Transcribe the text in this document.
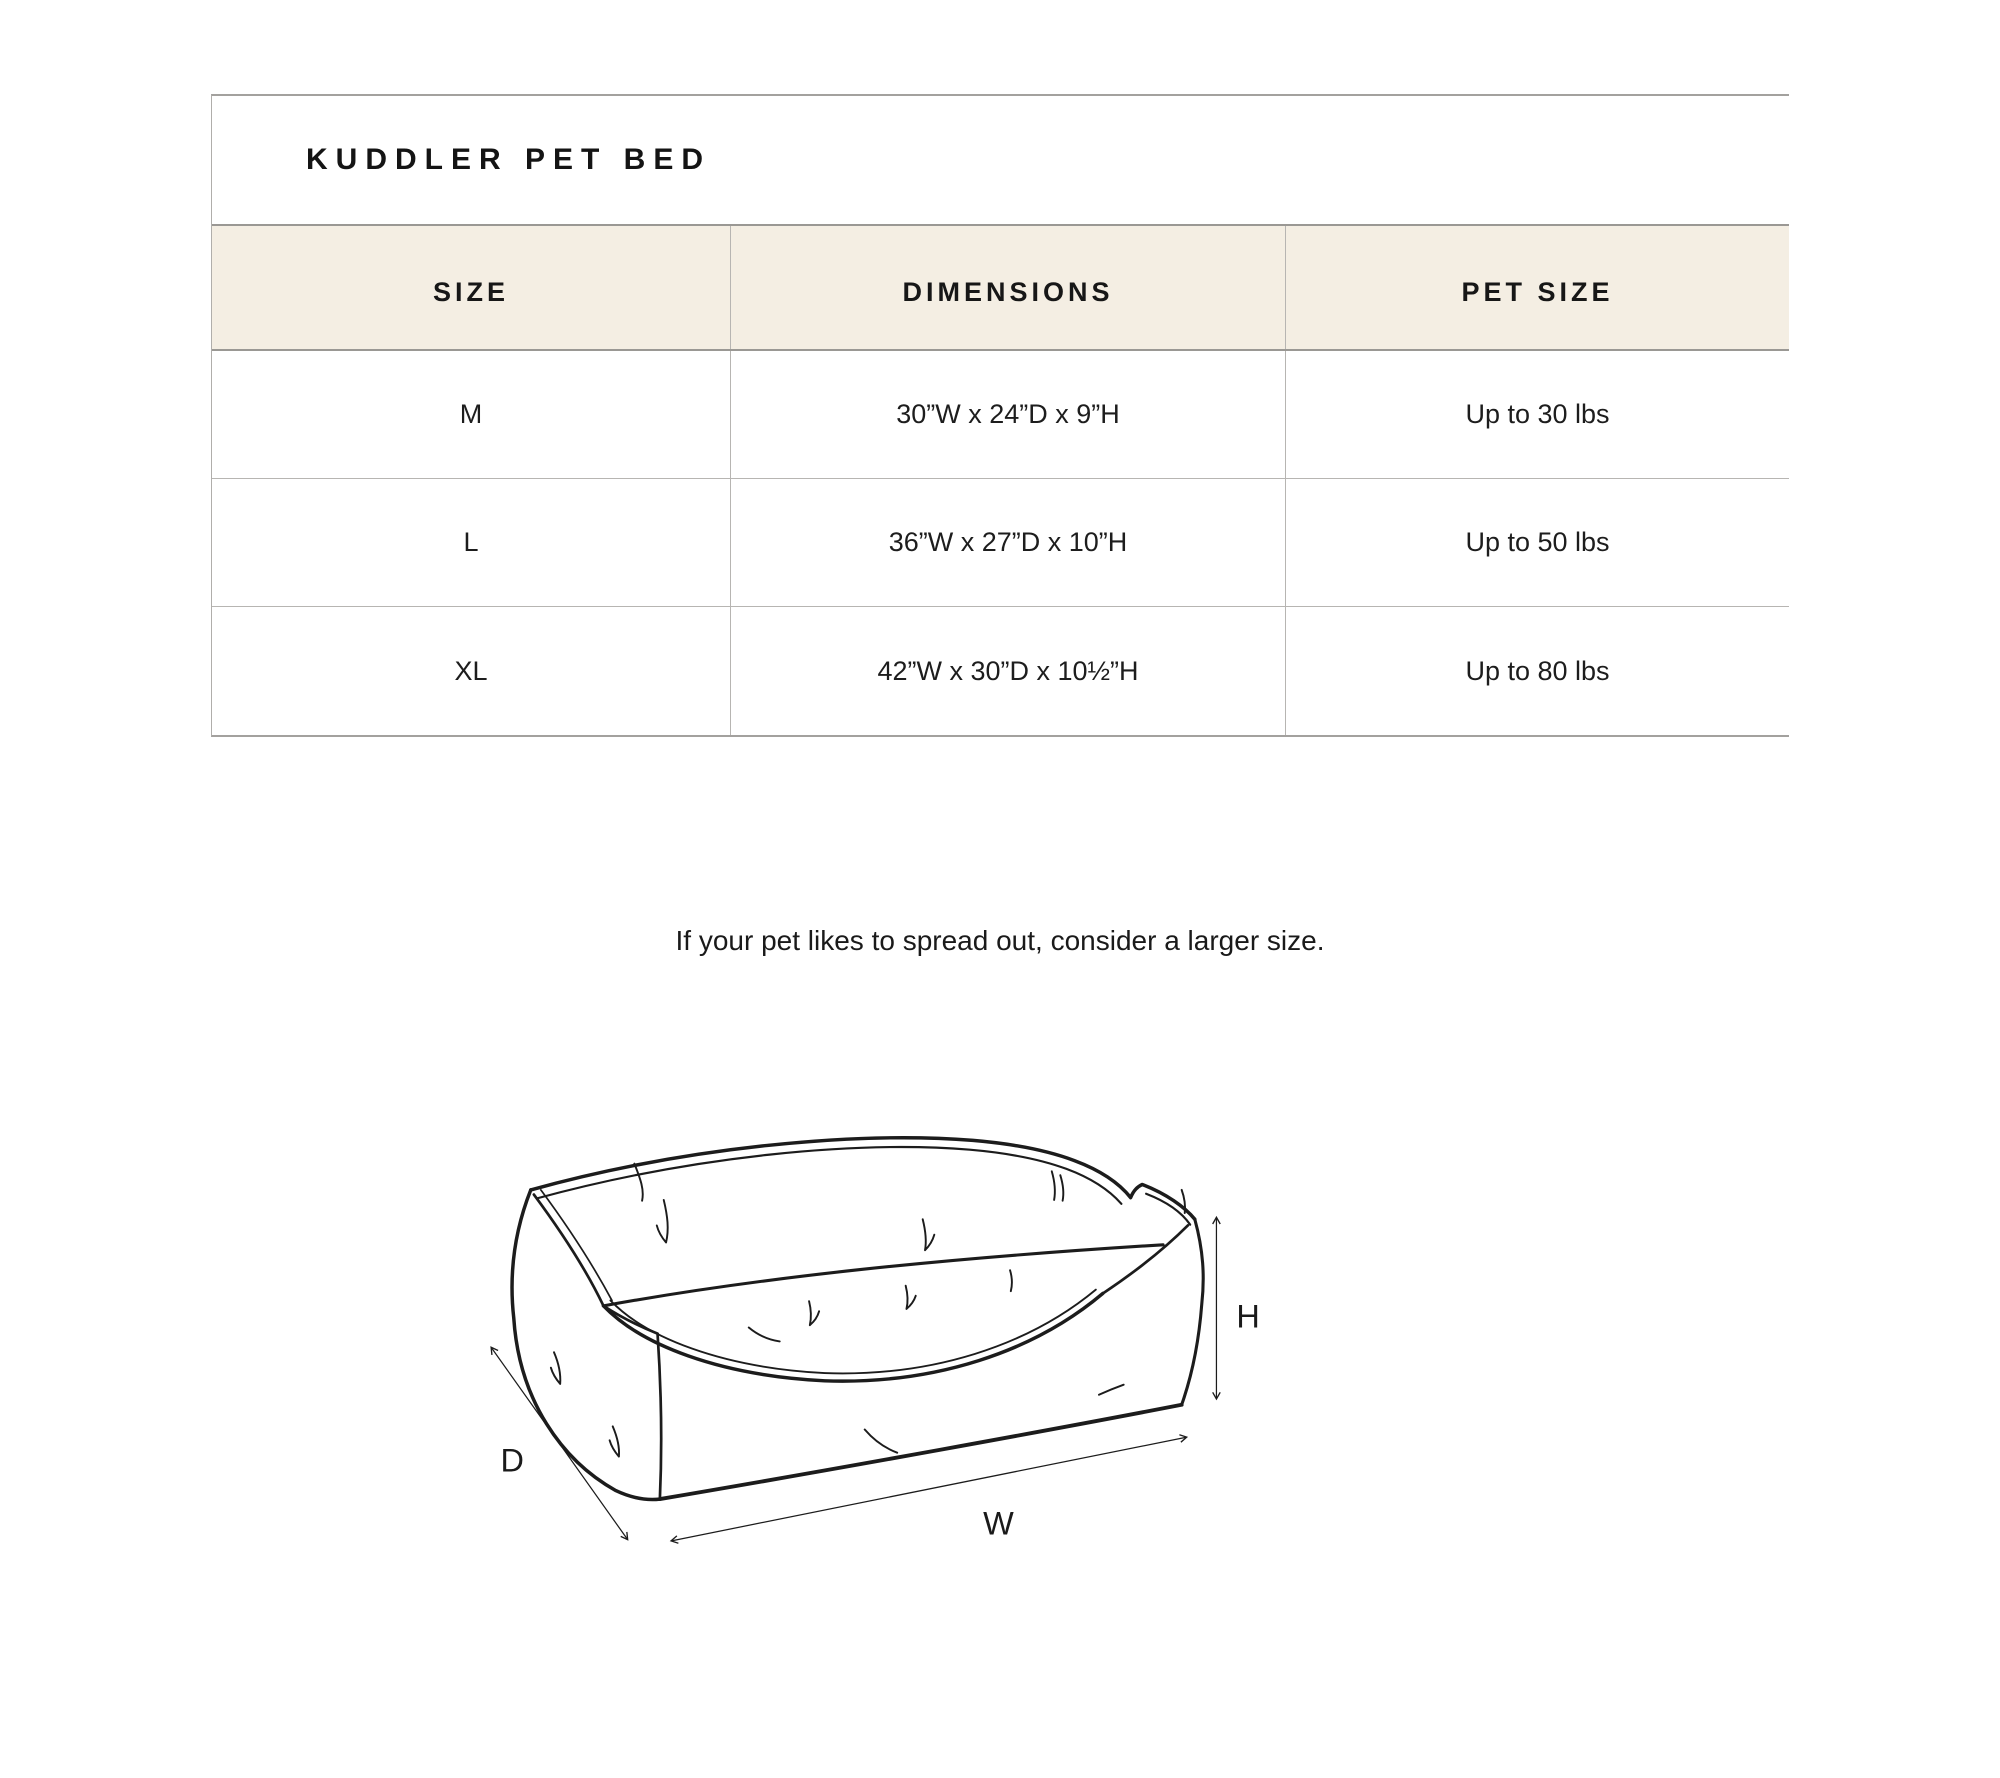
KUDDLER PET BED
SIZE	DIMENSIONS	PET SIZE
M	30”W x 24”D x 9”H	Up to 30 lbs
L	36”W x 27”D x 10”H	Up to 50 lbs
XL	42”W x 30”D x 10½”H	Up to 80 lbs
If your pet likes to spread out, consider a larger size.
H
W
D
